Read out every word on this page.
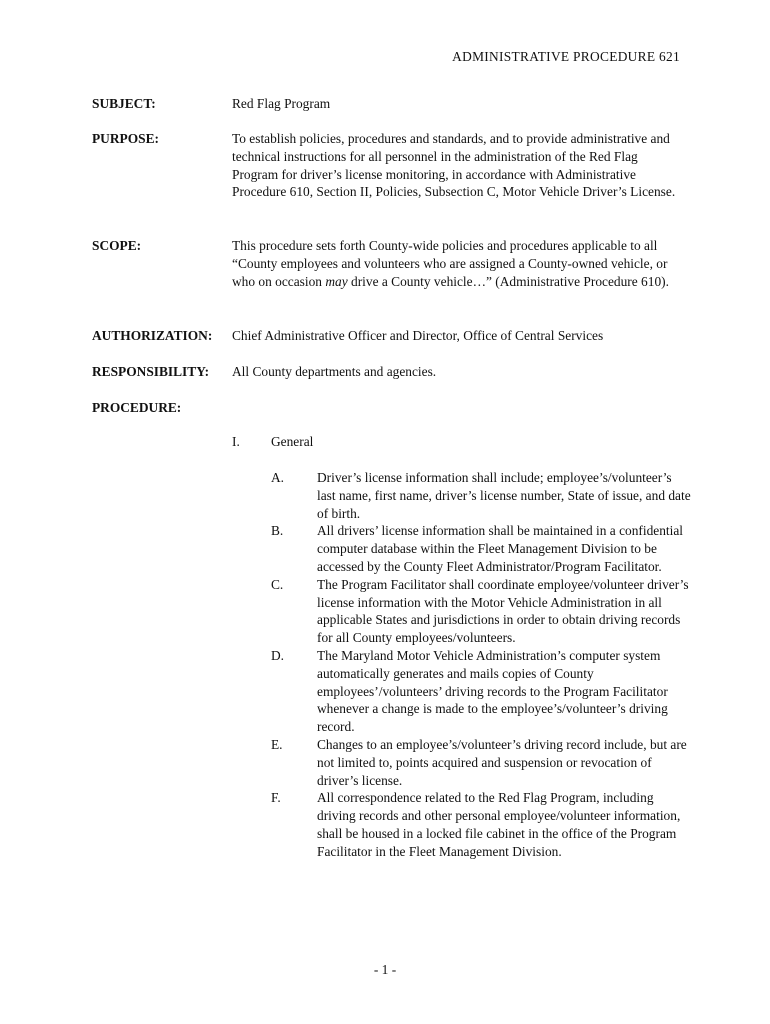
ADMINISTRATIVE PROCEDURE 621
SUBJECT:	Red Flag Program
PURPOSE:	To establish policies, procedures and standards, and to provide administrative and technical instructions for all personnel in the administration of the Red Flag Program for driver’s license monitoring, in accordance with Administrative Procedure 610, Section II, Policies, Subsection C, Motor Vehicle Driver’s License.
SCOPE:	This procedure sets forth County-wide policies and procedures applicable to all “County employees and volunteers who are assigned a County-owned vehicle, or who on occasion may drive a County vehicle…” (Administrative Procedure 610).
AUTHORIZATION: Chief Administrative Officer and Director, Office of Central Services
RESPONSIBILITY: All County departments and agencies.
PROCEDURE:
I. General
A. Driver’s license information shall include; employee’s/volunteer’s last name, first name, driver’s license number, State of issue, and date of birth.
B.	All drivers’ license information shall be maintained in a confidential computer database within the Fleet Management Division to be accessed by the County Fleet Administrator/Program Facilitator.
C.	The Program Facilitator shall coordinate employee/volunteer driver’s license information with the Motor Vehicle Administration in all applicable States and jurisdictions in order to obtain driving records for all County employees/volunteers.
D. The Maryland Motor Vehicle Administration’s computer system automatically generates and mails copies of County employees’/volunteers’ driving records to the Program Facilitator whenever a change is made to the employee’s/volunteer’s driving record.
E.	Changes to an employee’s/volunteer’s driving record include, but are not limited to, points acquired and suspension or revocation of driver’s license.
F.	All correspondence related to the Red Flag Program, including driving records and other personal employee/volunteer information, shall be housed in a locked file cabinet in the office of the Program Facilitator in the Fleet Management Division.
- 1 -
